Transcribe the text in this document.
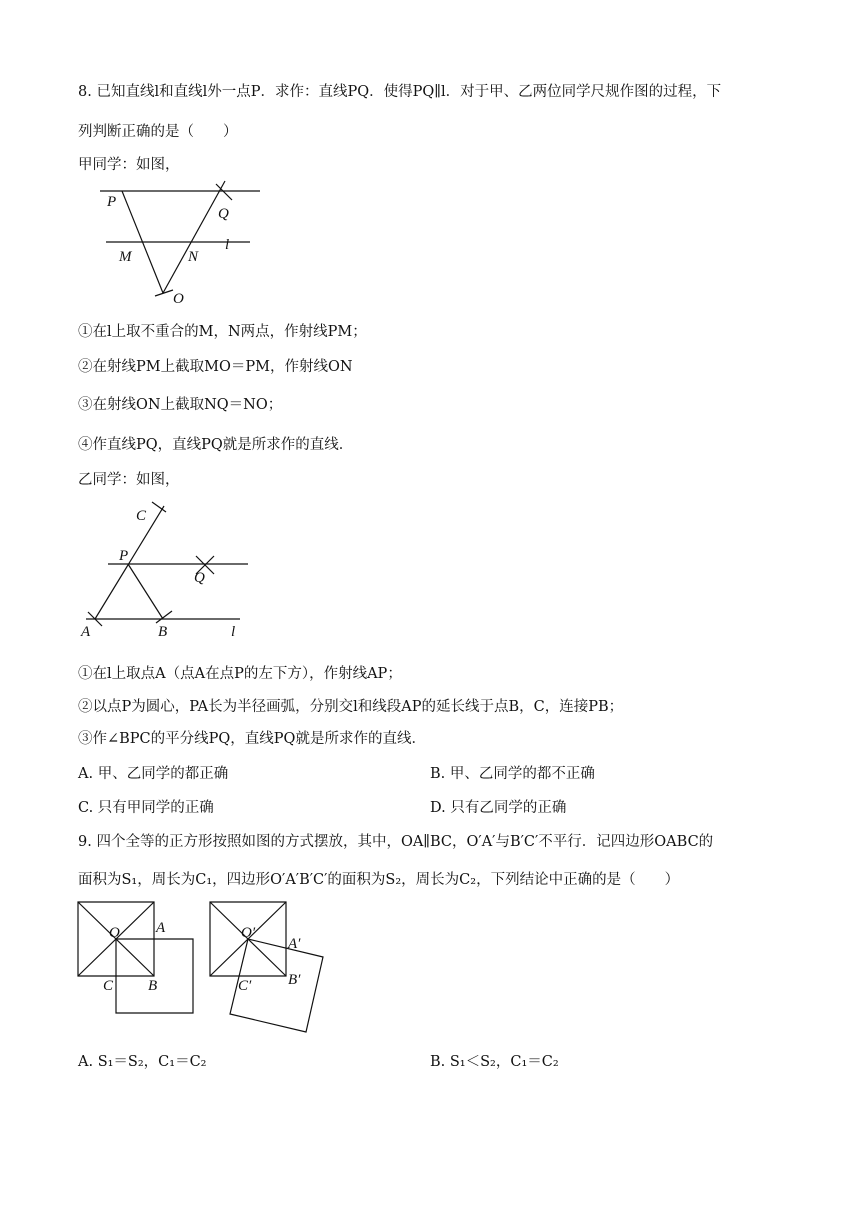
8. 已知直线l和直线l外一点P．求作：直线PQ．使得PQ∥l．对于甲、乙两位同学尺规作图的过程，下
列判断正确的是（　　）
甲同学：如图，
P
Q
M	N
l
O
①在l上取不重合的M，N两点，作射线PM；
②在射线PM上截取MO＝PM，作射线ON
③在射线ON上截取NQ＝NO；
④作直线PQ，直线PQ就是所求作的直线．
乙同学：如图，
C
P
Q
A	B	l
①在l上取点A（点A在点P的左下方），作射线AP；
②以点P为圆心，PA长为半径画弧，分别交l和线段AP的延长线于点B，C，连接PB；
③作∠BPC的平分线PQ，直线PQ就是所求作的直线．
A. 甲、乙同学的都正确	B. 甲、乙同学的都不正确
C. 只有甲同学的正确	D. 只有乙同学的正确
9. 四个全等的正方形按照如图的方式摆放，其中，OA∥BC，O′A′与B′C′不平行．记四边形OABC的
面积为S₁，周长为C₁，四边形O′A′B′C′的面积为S₂，周长为C₂，下列结论中正确的是（　　）
O A
C B
O′
A′
C′ B′
A. S₁＝S₂，C₁＝C₂	B. S₁＜S₂，C₁＝C₂
